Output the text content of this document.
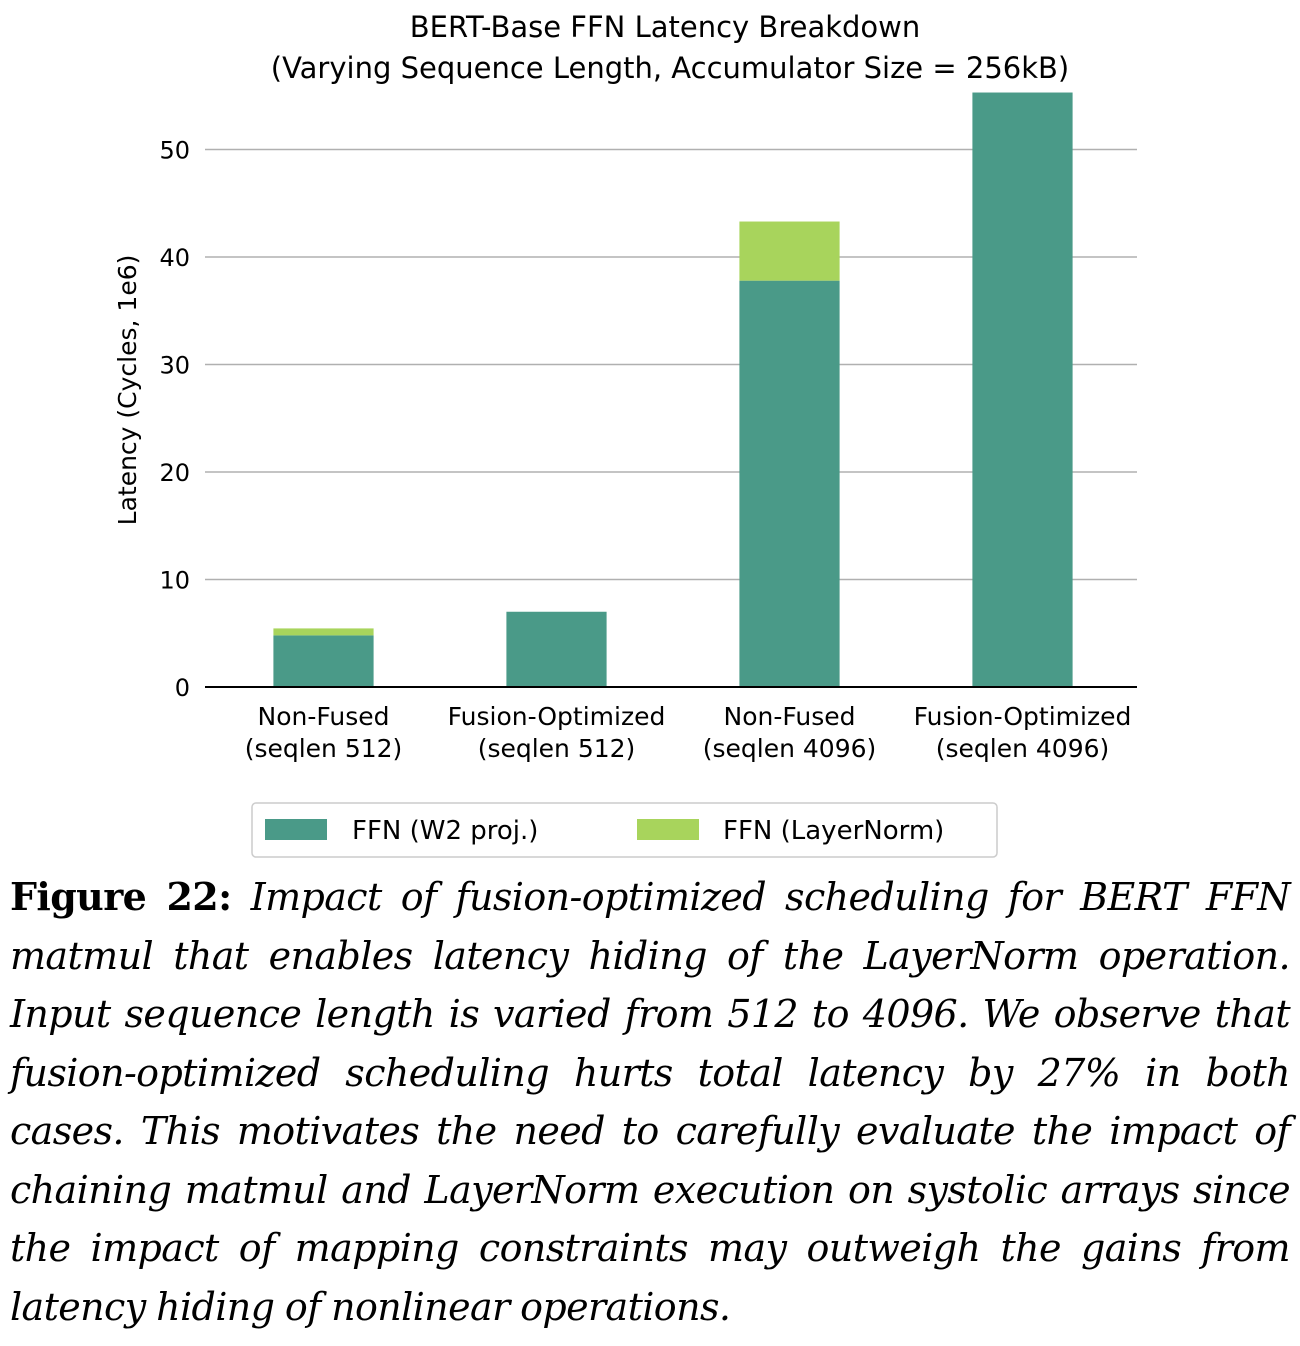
BERT-Base FFN Latency Breakdown
(Varying Sequence Length, Accumulator Size = 256kB)
0
10
20
30
40
50
Non-Fused
(seqlen 512)
Fusion-Optimized
(seqlen 512)
Non-Fused
(seqlen 4096)
Fusion-Optimized
(seqlen 4096)
Latency (Cycles, 1e6)
FFN (W2 proj.)	FFN (LayerNorm)
Figure 22: Impact of fusion-optimized scheduling for BERT FFN matmul that enables latency hiding of the LayerNorm operation. Input sequence length is varied from 512 to 4096. We observe that fusion-optimized scheduling hurts total latency by 27% in both cases. This motivates the need to carefully evaluate the impact of chaining matmul and LayerNorm execution on systolic arrays since the impact of mapping constraints may outweigh the gains from latency hiding of nonlinear operations.
